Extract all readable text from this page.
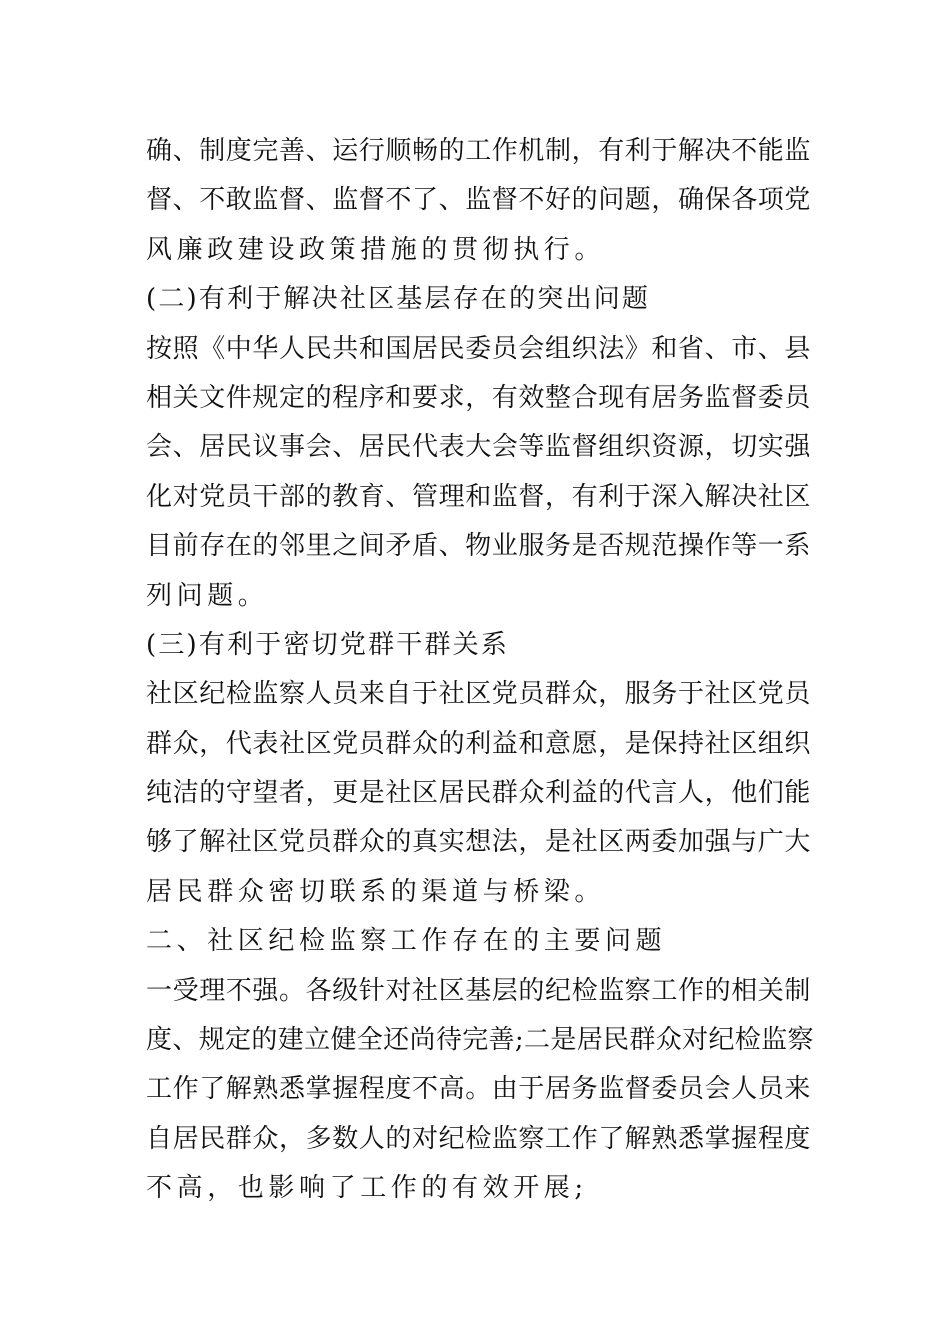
确、制度完善、运行顺畅的工作机制，有利于解决不能监
督、不敢监督、监督不了、监督不好的问题，确保各项党
风廉政建设政策措施的贯彻执行。
(二)有利于解决社区基层存在的突出问题
按照《中华人民共和国居民委员会组织法》和省、市、县
相关文件规定的程序和要求，有效整合现有居务监督委员
会、居民议事会、居民代表大会等监督组织资源，切实强
化对党员干部的教育、管理和监督，有利于深入解决社区
目前存在的邻里之间矛盾、物业服务是否规范操作等一系
列问题。
(三)有利于密切党群干群关系
社区纪检监察人员来自于社区党员群众，服务于社区党员
群众，代表社区党员群众的利益和意愿，是保持社区组织
纯洁的守望者，更是社区居民群众利益的代言人，他们能
够了解社区党员群众的真实想法，是社区两委加强与广大
居民群众密切联系的渠道与桥梁。
二、社区纪检监察工作存在的主要问题
一受理不强。各级针对社区基层的纪检监察工作的相关制
度、规定的建立健全还尚待完善;二是居民群众对纪检监察
工作了解熟悉掌握程度不高。由于居务监督委员会人员来
自居民群众，多数人的对纪检监察工作了解熟悉掌握程度
不高，也影响了工作的有效开展;
